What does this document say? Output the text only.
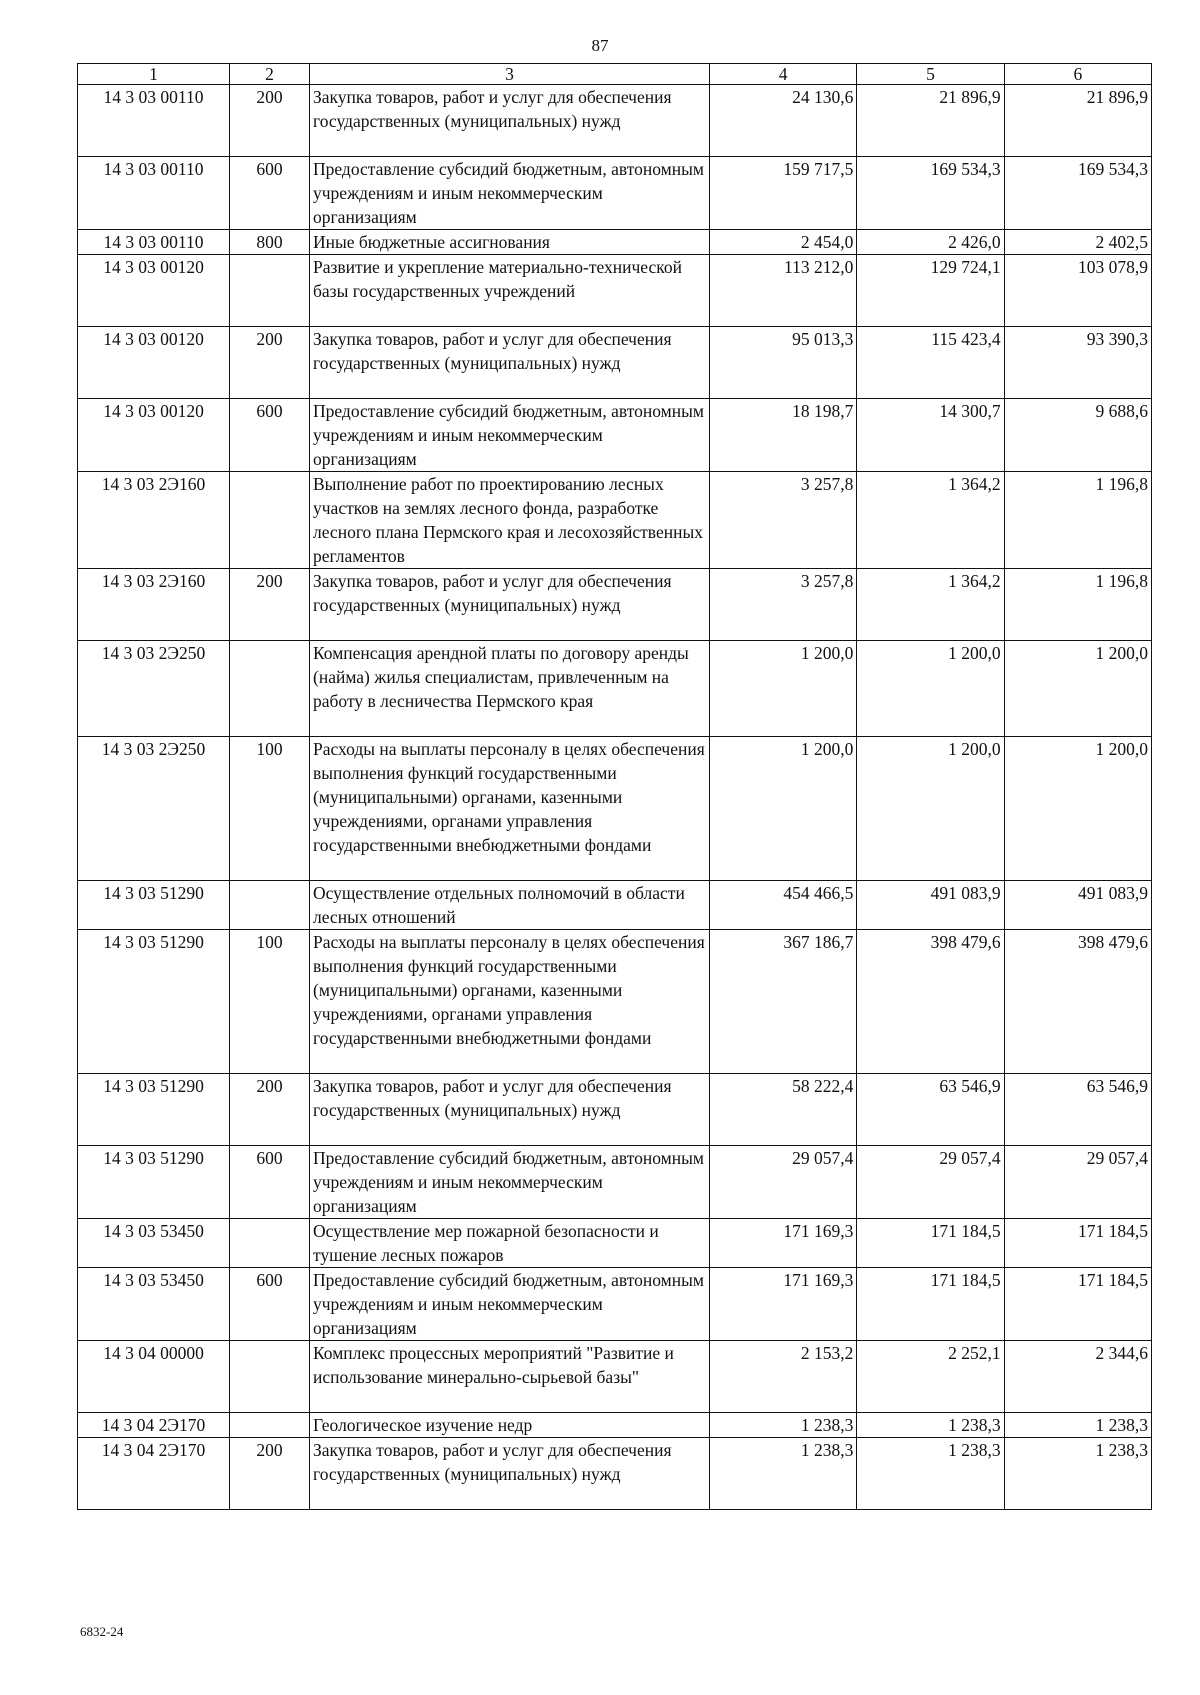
87
1	2	3	4	5	6
14 3 03 00110	200	Закупка товаров, работ и услуг для обеспечения государственных (муниципальных) нужд	24 130,6	21 896,9	21 896,9
14 3 03 00110	600	Предоставление субсидий бюджетным, автономным учреждениям и иным некоммерческим организациям	159 717,5	169 534,3	169 534,3
14 3 03 00110	800	Иные бюджетные ассигнования	2 454,0	2 426,0	2 402,5
14 3 03 00120		Развитие и укрепление материально-технической базы государственных учреждений	113 212,0	129 724,1	103 078,9
14 3 03 00120	200	Закупка товаров, работ и услуг для обеспечения государственных (муниципальных) нужд	95 013,3	115 423,4	93 390,3
14 3 03 00120	600	Предоставление субсидий бюджетным, автономным учреждениям и иным некоммерческим организациям	18 198,7	14 300,7	9 688,6
14 3 03 2Э160		Выполнение работ по проектированию лесных участков на землях лесного фонда, разработке лесного плана Пермского края и лесохозяйственных регламентов	3 257,8	1 364,2	1 196,8
14 3 03 2Э160	200	Закупка товаров, работ и услуг для обеспечения государственных (муниципальных) нужд	3 257,8	1 364,2	1 196,8
14 3 03 2Э250		Компенсация арендной платы по договору аренды (найма) жилья специалистам, привлеченным на работу в лесничества Пермского края	1 200,0	1 200,0	1 200,0
14 3 03 2Э250	100	Расходы на выплаты персоналу в целях обеспечения выполнения функций государственными (муниципальными) органами, казенными учреждениями, органами управления государственными внебюджетными фондами	1 200,0	1 200,0	1 200,0
14 3 03 51290		Осуществление отдельных полномочий в области лесных отношений	454 466,5	491 083,9	491 083,9
14 3 03 51290	100	Расходы на выплаты персоналу в целях обеспечения выполнения функций государственными (муниципальными) органами, казенными учреждениями, органами управления государственными внебюджетными фондами	367 186,7	398 479,6	398 479,6
14 3 03 51290	200	Закупка товаров, работ и услуг для обеспечения государственных (муниципальных) нужд	58 222,4	63 546,9	63 546,9
14 3 03 51290	600	Предоставление субсидий бюджетным, автономным учреждениям и иным некоммерческим организациям	29 057,4	29 057,4	29 057,4
14 3 03 53450		Осуществление мер пожарной безопасности и тушение лесных пожаров	171 169,3	171 184,5	171 184,5
14 3 03 53450	600	Предоставление субсидий бюджетным, автономным учреждениям и иным некоммерческим организациям	171 169,3	171 184,5	171 184,5
14 3 04 00000		Комплекс процессных мероприятий "Развитие и использование минерально-сырьевой базы"	2 153,2	2 252,1	2 344,6
14 3 04 2Э170		Геологическое изучение недр	1 238,3	1 238,3	1 238,3
14 3 04 2Э170	200	Закупка товаров, работ и услуг для обеспечения государственных (муниципальных) нужд	1 238,3	1 238,3	1 238,3
6832-24
